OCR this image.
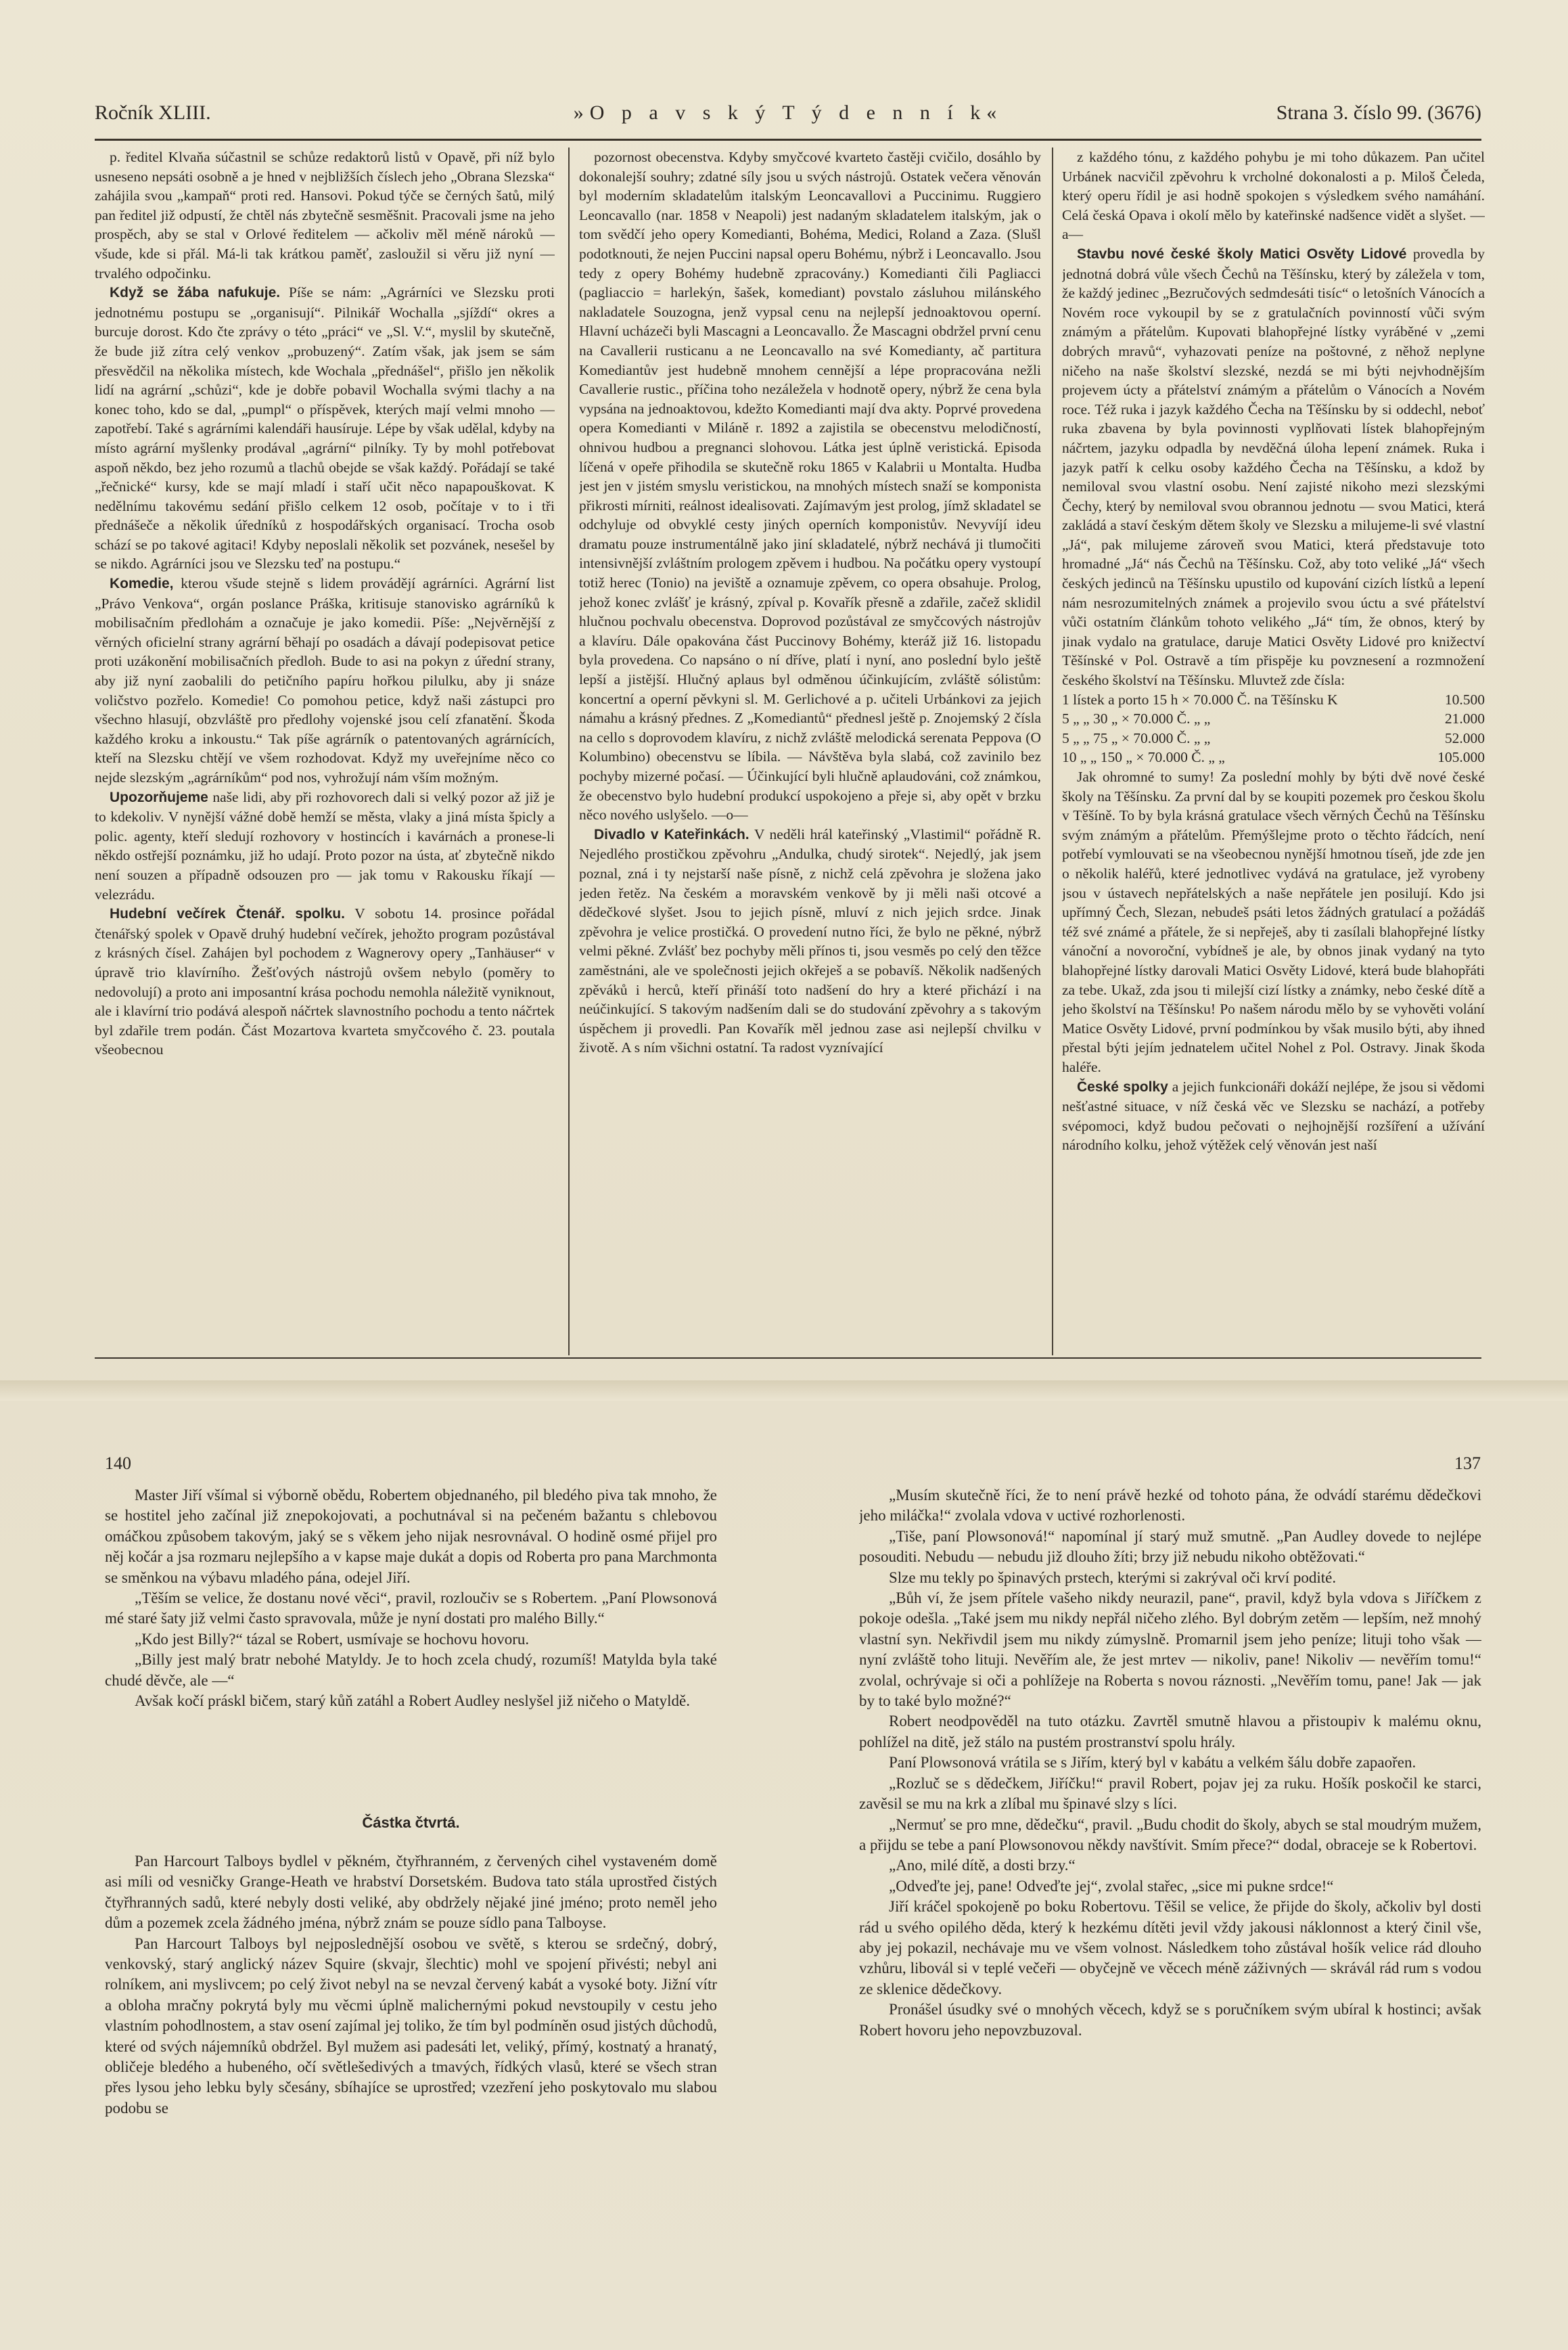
»O p a v s k ý T ý d e n n í k«
Ročník XLIII.	Strana 3. číslo 99. (3676)

p. ředitel Klvaňa súčastnil se schůze redaktorů listů v Opavě, při níž bylo usneseno nepsáti osobně a je hned v nejbližších číslech jeho „Obrana Slezska“ zahájila svou „kampaň“ proti red. Hansovi. Pokud týče se černých šatů, milý pan ředitel již odpustí, že chtěl nás zbytečně sesměšnit. Pracovali jsme na jeho prospěch, aby se stal v Orlové ředitelem — ačkoliv měl méně nároků — všude, kde si přál. Má-li tak krátkou paměť, zasloužil si věru již nyní — trvalého odpočinku.

Když se žába nafukuje. Píše se nám: „Agrárníci ve Slezsku proti jednotnému postupu se „organisují“. Pilnikář Wochalla „sjíždí“ okres a burcuje dorost. Kdo čte zprávy o této „práci“ ve „Sl. V.“, myslil by skutečně, že bude již zítra celý venkov „probuzený“. Zatím však, jak jsem se sám přesvědčil na několika místech, kde Wochala „přednášel“, přišlo jen několik lidí na agrární „schůzi“, kde je dobře pobavil Wochalla svými tlachy a na konec toho, kdo se dal, „pumpl“ o příspěvek, kterých mají velmi mnoho — zapotřebí. Také s agrárními kalendáři hausíruje. Lépe by však udělal, kdyby na místo agrární myšlenky prodával „agrární“ pilníky. Ty by mohl potřebovat aspoň někdo, bez jeho rozumů a tlachů obejde se však každý. Pořádají se také „řečnické“ kursy, kde se mají mladí i staří učit něco napapouškovat. K nedělnímu takovému sedání přišlo celkem 12 osob, počítaje v to i tři přednášeče a několik úředníků z hospodářských organisací. Trocha osob schází se po takové agitaci! Kdyby neposlali několik set pozvánek, nesešel by se nikdo. Agrárníci jsou ve Slezsku teď na postupu.“

Komedie, kterou všude stejně s lidem provádějí agrárníci. Agrární list „Právo Venkova“, orgán poslance Práška, kritisuje stanovisko agrárníků k mobilisačním předlohám a označuje je jako komedii. Píše: „Nejvěrnější z věrných oficielní strany agrární běhají po osadách a dávají podepisovat petice proti uzákonění mobilisačních předloh. Bude to asi na pokyn z úřední strany, aby již nyní zaobalili do petičního papíru hořkou pilulku, aby ji snáze voličstvo pozřelo. Komedie! Co pomohou petice, když naši zástupci pro všechno hlasují, obzvláště pro předlohy vojenské jsou celí zfanatění. Škoda každého kroku a inkoustu.“ Tak píše agrárník o patentovaných agrárnících, kteří na Slezsku chtějí ve všem rozhodovat. Když my uveřejníme něco co nejde slezským „agrárníkům“ pod nos, vyhrožují nám vším možným.

Upozorňujeme naše lidi, aby při rozhovorech dali si velký pozor až již je to kdekoliv. V nynější vážné době hemží se města, vlaky a jiná místa špicly a polic. agenty, kteří sledují rozhovory v hostincích i kavárnách a pronese-li někdo ostřejší poznámku, již ho udají. Proto pozor na ústa, ať zbytečně nikdo není souzen a případně odsouzen pro — jak tomu v Rakousku říkají — velezrádu.

Hudební večírek Čtenář. spolku. V sobotu 14. prosince pořádal čtenářský spolek v Opavě druhý hudební večírek, jehožto program pozůstával z krásných čísel. Zahájen byl pochodem z Wagnerovy opery „Tanhäuser“ v úpravě trio klavírního. Žešťových nástrojů ovšem nebylo (poměry to nedovolují) a proto ani imposantní krása pochodu nemohla náležitě vyniknout, ale i klavírní trio podává alespoň náčrtek slavnostního pochodu a tento náčrtek byl zdařile trem podán. Část Mozartova kvarteta smyčcového č. 23. poutala všeobecnou

pozornost obecenstva. Kdyby smyčcové kvarteto častěji cvičilo, dosáhlo by dokonalejší souhry; zdatné síly jsou u svých nástrojů. Ostatek večera věnován byl moderním skladatelům italským Leoncavallovi a Puccinimu. Ruggiero Leoncavallo (nar. 1858 v Neapoli) jest nadaným skladatelem italským, jak o tom svědčí jeho opery Komedianti, Bohéma, Medici, Roland a Zaza. (Slušl podotknouti, že nejen Puccini napsal operu Bohému, nýbrž i Leoncavallo. Jsou tedy z opery Bohémy hudebně zpracovány.) Komedianti čili Pagliacci (pagliaccio = harlekýn, šašek, komediant) povstalo zásluhou milánského nakladatele Souzogna, jenž vypsal cenu na nejlepší jednoaktovou operní. Hlavní ucházeči byli Mascagni a Leoncavallo. Že Mascagni obdržel první cenu na Cavallerii rusticanu a ne Leoncavallo na své Komedianty, ač partitura Komediantův jest hudebně mnohem cennější a lépe propracována nežli Cavallerie rustic., příčina toho nezáleželа v hodnotě opery, nýbrž že cena byla vypsána na jednoaktovou, kdežto Komedianti mají dva akty. Poprvé provedena opera Komedianti v Miláně r. 1892 a zajistila se obecenstvu melodičností, ohnivou hudbou a pregnanci slohovou. Látka jest úplně veristická. Episoda líčená v opeře přihodila se skutečně roku 1865 v Kalabrii u Montalta. Hudba jest jen v jistém smyslu veristickou, na mnohých místech snaží se komponista přikrosti mírniti, reálnost idealisovati. Zajímavým jest prolog, jímž skladatel se odchyluje od obvyklé cesty jiných operních komponistův. Nevyvíjí ideu dramatu pouze instrumentálně jako jiní skladatelé, nýbrž nechává ji tlumočiti intensivnější zvláštním prologem zpěvem i hudbou. Na počátku opery vystoupí totiž herec (Tonio) na jeviště a oznamuje zpěvem, co opera obsahuje. Prolog, jehož konec zvlášť je krásný, zpíval p. Kovařík přesně a zdařile, začež sklidil hlučnou pochvalu obecenstva. Doprovod pozůstával ze smyčcových nástrojův a klavíru. Dále opakována část Puccinovy Bohémy, kteráž již 16. listopadu byla provedena. Co napsáno o ní dříve, platí i nyní, ano poslední bylo ještě lepší a jistější. Hlučný aplaus byl odměnou účinkujícím, zvláště sólistům: koncertní a operní pěvkyni sl. M. Gerlichové a p. učiteli Urbánkovi za jejich námahu a krásný přednes. Z „Komediantů“ přednesl ještě p. Znojemský 2 čísla na cello s doprovodem klavíru, z nichž zvláště melodická serenata Peppova (O Kolumbino) obecenstvu se líbila. — Návštěva byla slabá, což zavinilo bez pochyby mizerné počasí. — Účinkující byli hlučně aplaudováni, což známkou, že obecenstvo bylo hudební produkcí uspokojeno a přeje si, aby opět v brzku něco nového uslyšelo. —o—

Divadlo v Kateřinkách. V neděli hrál kateřinský „Vlastimil“ pořádně R. Nejedlého prostičkou zpěvohru „Andulka, chudý sirotek“. Nejedlý, jak jsem poznal, zná i ty nejstarší naše písně, z nichž celá zpěvohra je složena jako jeden řetěz. Na českém a moravském venkově by ji měli naši otcové a dědečkové slyšet. Jsou to jejich písně, mluví z nich jejich srdce. Jinak zpěvohra je velice prostičká. O provedení nutno říci, že bylo ne pěkné, nýbrž velmi pěkné. Zvlášť bez pochyby měli přínos ti, jsou vesměs po celý den těžce zaměstnáni, ale ve společnosti jejich okřejеš a se pobavíš. Několik nadšených zpěváků i herců, kteří přináší toto nadšení do hry a které přichází i na neúčinkující. S takovým nadšením dali se do studování zpěvohry a s takovým úspěchem ji provedli. Pan Kovařík měl jednou zase asi nejlepší chvilku v životě. A s ním všichni ostatní. Ta radost vyznívající

z každého tónu, z každého pohybu je mi toho důkazem. Pan učitel Urbánek nacvičil zpěvohru k vrcholné dokonalosti a p. Miloš Čeleda, který operu řídil je asi hodně spokojen s výsledkem svého namáhání. Celá česká Opava i okolí mělo by kateřinské nadšence vidět a slyšet. —a—

Stavbu nové české školy Matici Osvěty Lidové provedla by jednotná dobrá vůle všech Čechů na Těšínsku, který by záleželа v tom, že každý jedinec „Bezručových sedmdesáti tisíc“ o letošních Vánocích a Novém roce vykoupil by se z gratulačních povinností vůči svým známým a přátelům. Kupovati blahopřejné lístky vyráběné v „zemi dobrých mravů“, vyhazovati peníze na poštovné, z něhož neplyne ničeho na naše školství slezské, nezdá se mi býti nejvhodnějším projevem úcty a přátelství známým a přátelům o Vánocích a Novém roce. Též ruka i jazyk každého Čecha na Těšínsku by si oddechl, neboť ruka zbavena by byla povinnosti vyplňovati lístek blahopřejným náčrtem, jazyku odpadla by nevděčná úloha lepení známek. Ruka i jazyk patří k celku osoby každého Čecha na Těšínsku, a kdož by nemiloval svou vlastní osobu. Není zajisté nikoho mezi slezskými Čechy, který by nemiloval svou obrannou jednotu — svou Matici, která zakládá a staví českým dětem školy ve Slezsku a milujeme-li své vlastní „Já“, pak milujeme zároveň svou Matici, která představuje toto hromadné „Já“ nás Čechů na Těšínsku. Což, aby toto veliké „Já“ všech českých jedinců na Těšínsku upustilo od kupování cizích lístků a lepení nám nesrozumitelných známek a projevilo svou úctu a své přátelství vůči ostatním článkům tohoto velikého „Já“ tím, že obnos, který by jinak vydalo na gratulace, daruje Matici Osvěty Lidové pro knižectví Těšínské v Pol. Ostravě a tím přispěje ku povznesení a rozmnožení českého školství na Těšínsku. Mluvtež zde čísla:

1 lístek a porto 15 h × 70.000 Č. na Těšínsku K	10.500
5 „ „ 30 „ × 70.000 Č. „ „	21.000
5 „ „ 75 „ × 70.000 Č. „ „	52.000
10 „ „ 150 „ × 70.000 Č. „ „	105.000

Jak ohromné to sumy! Za poslední mohly by býti dvě nové české školy na Těšínsku. Za první dal by se koupiti pozemek pro českou školu v Těšíně. To by byla krásná gratulace všech věrných Čechů na Těšínsku svým známým a přátelům. Přemýšlejme proto o těchto řádcích, není potřebí vymlouvati se na všeobecnou nynější hmotnou tíseň, jde zde jen o několik haléřů, které jednotlivec vydává na gratulace, jež vyrobeny jsou v ústavech nepřátelských a naše nepřátele jen posilují. Kdo jsi upřímný Čech, Slezan, nebudeš psáti letos žádných gratulací a požádáš též své známé a přátele, že si nepřeješ, aby ti zasílali blahopřejné lístky vánoční a novoroční, vybídneš je ale, by obnos jinak vydaný na tyto blahopřejné lístky darovali Matici Osvěty Lidové, která bude blahopřáti za tebe. Ukaž, zda jsou ti milejší cizí lístky a známky, nebo české dítě a jeho školství na Těšínsku! Po našem národu mělo by se vyhověti volání Matice Osvěty Lidové, první podmínkou by však musilo býti, aby ihned přestal býti jejím jednatelem učitel Nohel z Pol. Ostravy. Jinak škoda haléře.

České spolky a jejich funkcionáři dokáží nejlépe, že jsou si vědomi nešťastné situace, v níž česká věc ve Slezsku se nachází, a potřeby svépomoci, když budou pečovati o nejhojnější rozšíření a užívání národního kolku, jehož výtěžek celý věnován jest naší

140	137

Master Jiří všímal si výborně obědu, Robertem objednaného, pil bledého piva tak mnoho, že se hostitel jeho začínal již znepokojovati, a pochutnával si na pečeném bažantu s chlebovou omáčkou způsobem takovým, jaký se s věkem jeho nijak nesrovnával. O hodině osmé přijel pro něj kočár a jsa rozmaru nejlepšího a v kapse maje dukát a dopis od Roberta pro pana Marchmonta se směnkou na výbavu mladého pána, odejel Jiří.

„Těším se velice, že dostanu nové věci“, pravil, rozloučiv se s Robertem. „Paní Plowsonová mé staré šaty již velmi často spravovala, může je nyní dostati pro malého Billy.“

„Kdo jest Billy?“ tázal se Robert, usmívaje se hochovu hovoru.

„Billy jest malý bratr nebohé Matyldy. Je to hoch zcela chudý, rozumíš! Matylda byla také chudé děvče, ale —“

Avšak kočí práskl bičem, starý kůň zatáhl a Robert Audley neslyšel již ničeho o Matyldě.

Částka čtvrtá.

Pan Harcourt Talboys bydlel v pěkném, čtyřhranném, z červených cihel vystaveném domě asi míli od vesničky Grange-Heath ve hrabství Dorsetském. Budova tato stála uprostřed čistých čtyřhranných sadů, které nebyly dosti veliké, aby obdržely nějaké jiné jméno; proto neměl jeho dům a pozemek zcela žádného jména, nýbrž znám se pouze sídlo pana Talboyse.

Pan Harcourt Talboys byl nejposlednější osobou ve světě, s kterou se srdečný, dobrý, venkovský, starý anglický název Squire (skvajr, šlechtic) mohl ve spojení přivésti; nebyl ani rolníkem, ani myslivcem; po celý život nebyl na se nevzal červený kabát a vysoké boty. Jižní vítr a obloha mračny pokrytá byly mu věcmi úplně malichernými pokud nevstoupily v cestu jeho vlastním pohodlnostem, a stav osení zajímal jej toliko, že tím byl podmíněn osud jistých důchodů, které od svých nájemníků obdržel. Byl mužem asi padesáti let, veliký, přímý, kostnatý a hranatý, obličeje bledého a hubeného, očí světlešedivých a tmavých, řídkých vlasů, které se všech stran přes lysou jeho lebku byly sčesány, sbíhajíce se uprostřed; vzezření jeho poskytovalo mu slabou podobu se

„Musím skutečně říci, že to není právě hezké od tohoto pána, že odvádí starému dědečkovi jeho miláčka!“ zvolala vdova v uctivé rozhorlenosti.

„Tiše, paní Plowsonová!“ napomínal jí starý muž smutně. „Pan Audley dovede to nejlépe posouditi. Nebudu — nebudu již dlouho žíti; brzy již nebudu nikoho obtěžovati.“

Slze mu tekly po špinavých prstech, kterými si zakrýval oči krví podité.

„Bůh ví, že jsem přítele vašeho nikdy neurazil, pane“, pravil, když byla vdova s Jiříčkem z pokoje odešla. „Také jsem mu nikdy nepřál ničeho zlého. Byl dobrým zetěm — lepším, než mnohý vlastní syn. Nekřivdil jsem mu nikdy zúmyslně. Promarnil jsem jeho peníze; lituji toho však — nyní zvláště toho lituji. Nevěřím ale, že jest mrtev — nikoliv, pane! Nikoliv — nevěřím tomu!“ zvolal, ochrývaje si oči a pohlížeje na Roberta s novou ráznosti. „Nevěřím tomu, pane! Jak — jak by to také bylo možné?“

Robert neodpověděl na tuto otázku. Zavrtěl smutně hlavou a přistoupiv k malému oknu, pohlížel na ditě, jež stálo na pustém prostranství spolu hrály.

Paní Plowsonová vrátila se s Jiřím, který byl v kabátu a velkém šálu dobře zapaořen.

„Rozluč se s dědečkem, Jiříčku!“ pravil Robert, pojav jej za ruku. Hošík poskočil ke starci, zavěsil se mu na krk a zlíbal mu špinavé slzy s líci.

„Nermuť se pro mne, dědečku“, pravil. „Budu chodit do školy, abych se stal moudrým mužem, a přijdu se tebe a paní Plowsonovou někdy navštívit. Smím přece?“ dodal, obraceje se k Robertovi.

„Ano, milé dítě, a dosti brzy.“

„Odveďte jej, pane! Odveďte jej“, zvolal stařec, „sice mi pukne srdce!“

Jiří kráčel spokojeně po boku Robertovu. Těšil se velice, že přijde do školy, ačkoliv byl dosti rád u svého opilého děda, který k hezkému dítěti jevil vždy jakousi náklonnost a který činil vše, aby jej pokazil, nechávaje mu ve všem volnost. Následkem toho zůstával hošík velice rád dlouho vzhůru, libovál si v teplé večeři — obyčejně ve věcech méně záživných — skrávál rád rum s vodou ze sklenice dědečkovy.

Pronášel úsudky své o mnohých věcech, když se s poručníkem svým ubíral k hostinci; avšak Robert hovoru jeho nepovzbuzoval.
